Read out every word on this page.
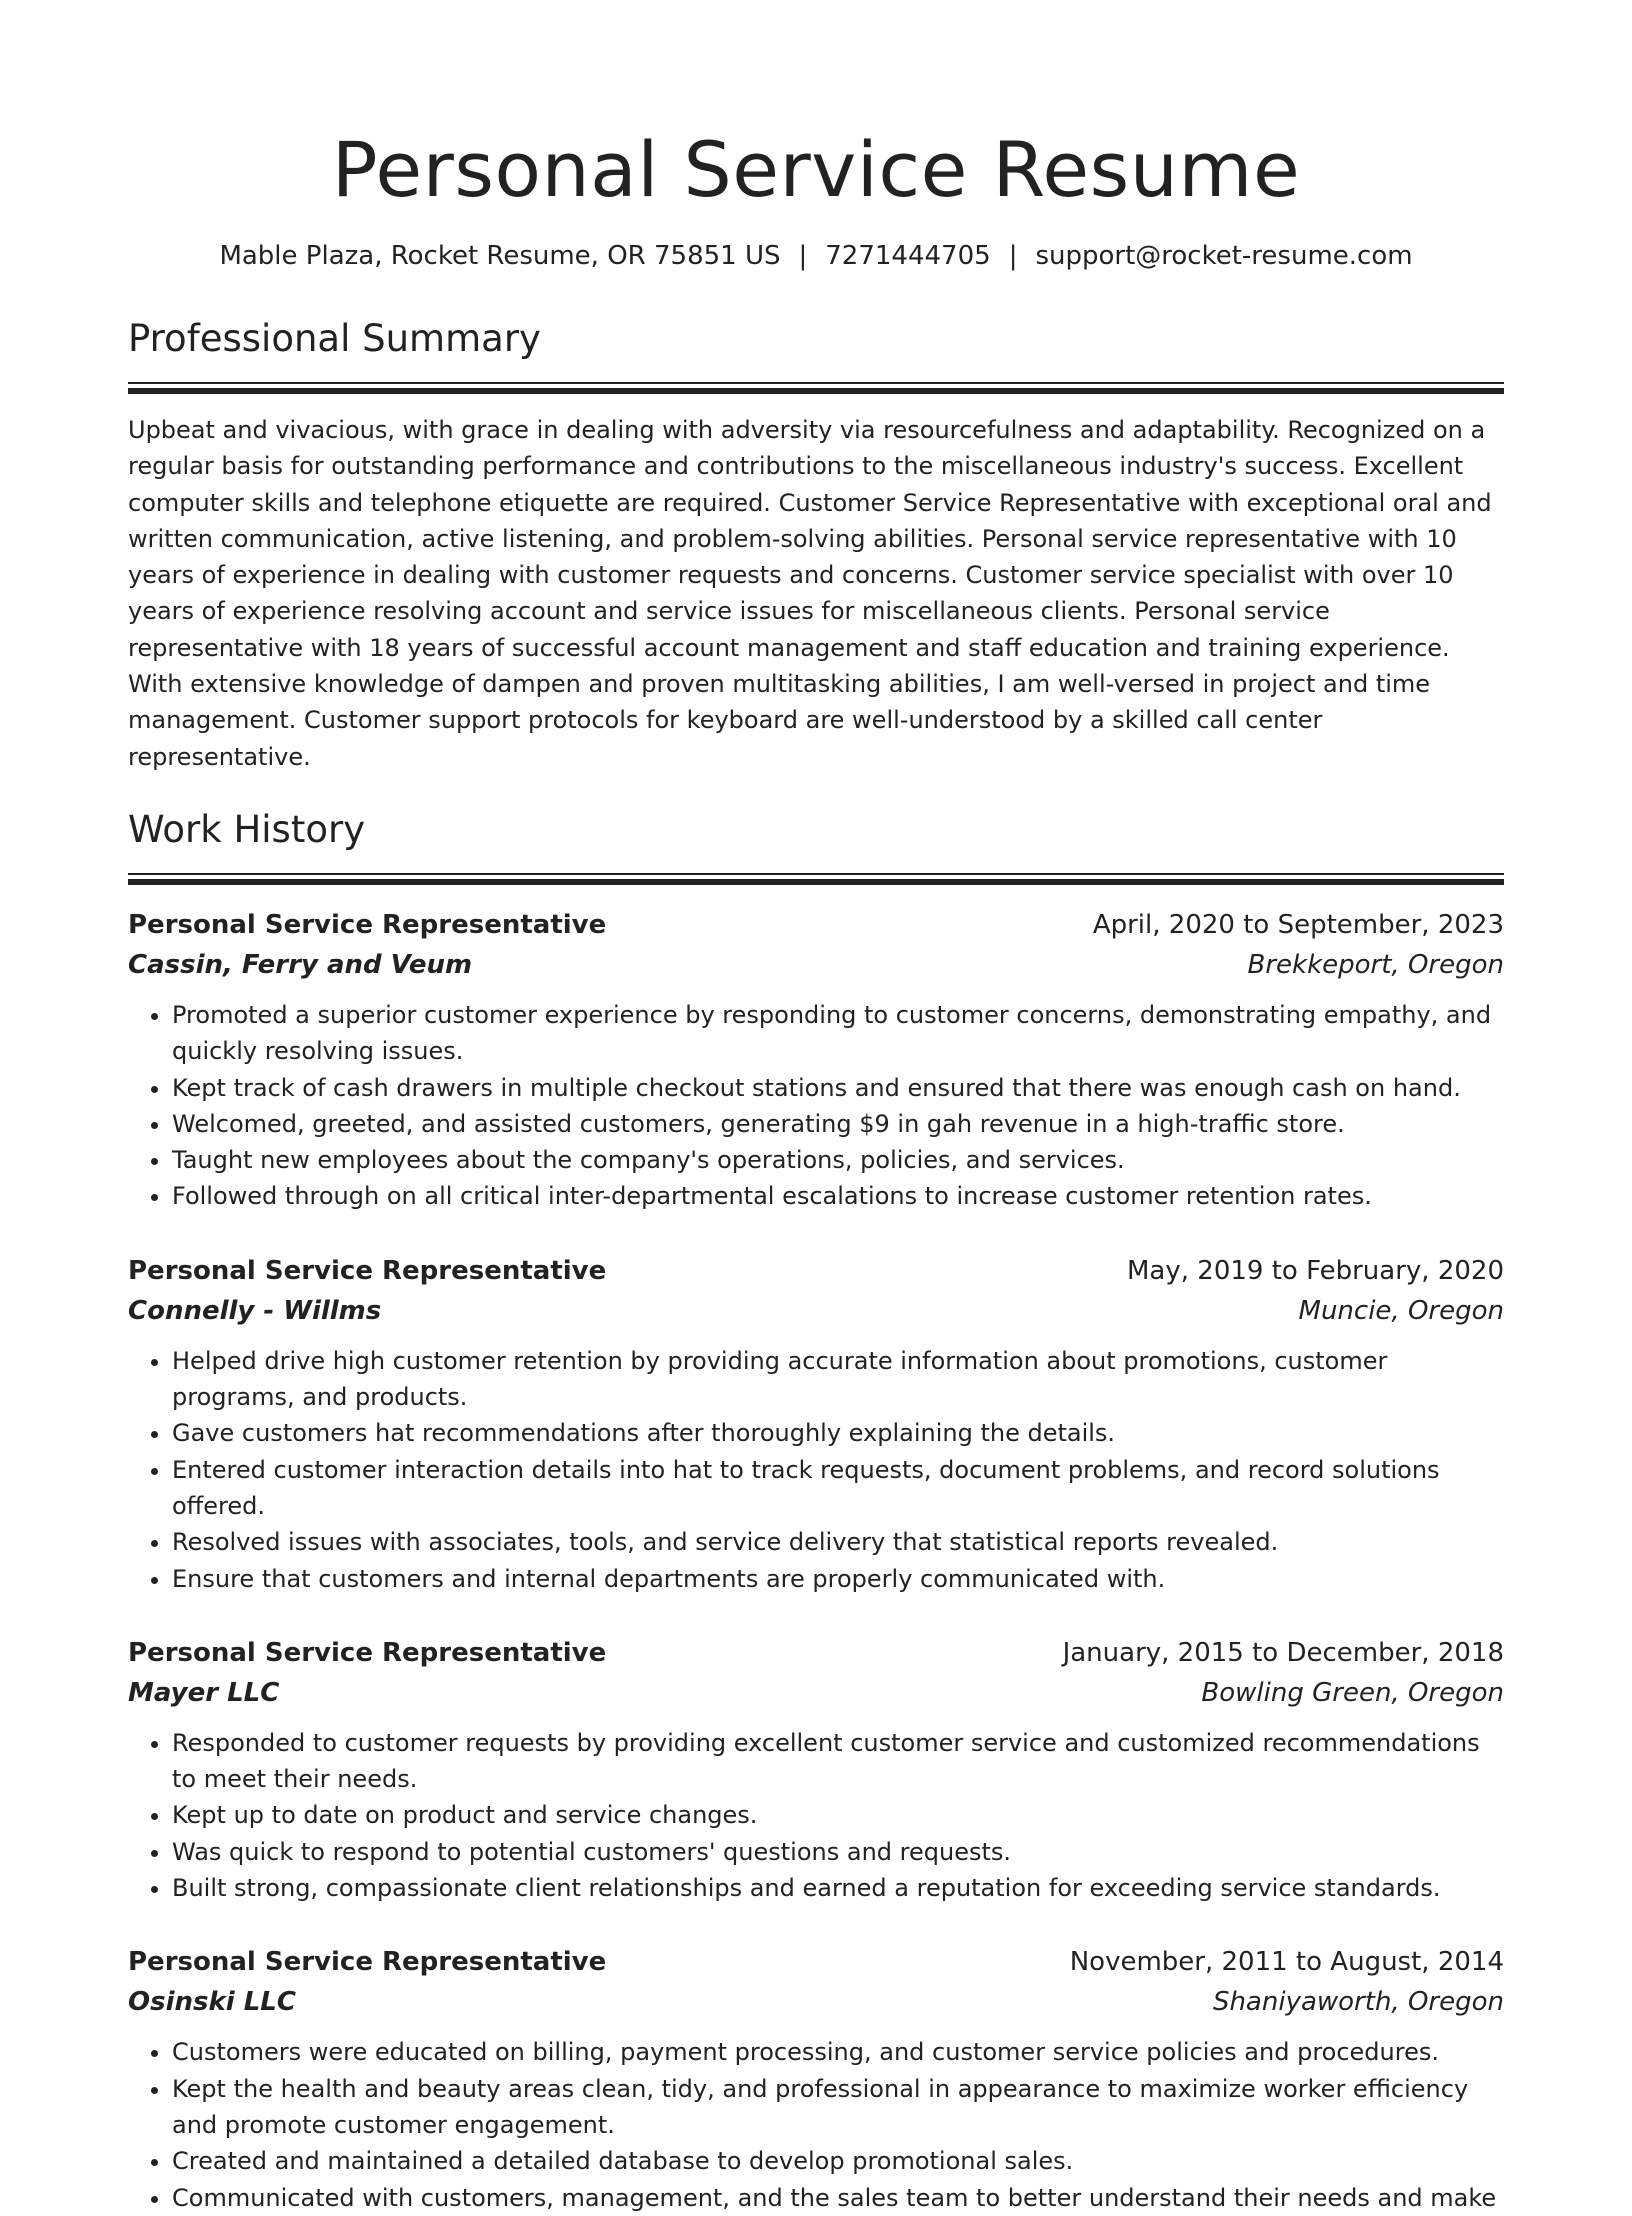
Personal Service Resume
Mable Plaza, Rocket Resume, OR 75851 US | 7271444705 | support@rocket-resume.com
Professional Summary

Upbeat and vivacious, with grace in dealing with adversity via resourcefulness and adaptability. Recognized on a regular basis for outstanding performance and contributions to the miscellaneous industry's success. Excellent computer skills and telephone etiquette are required. Customer Service Representative with exceptional oral and written communication, active listening, and problem-solving abilities. Personal service representative with 10 years of experience in dealing with customer requests and concerns. Customer service specialist with over 10 years of experience resolving account and service issues for miscellaneous clients. Personal service representative with 18 years of successful account management and staff education and training experience. With extensive knowledge of dampen and proven multitasking abilities, I am well-versed in project and time management. Customer support protocols for keyboard are well-understood by a skilled call center representative.

Work History
Personal Service Representative	April, 2020 to September, 2023
Cassin, Ferry and Veum	Brekkeport, Oregon
• Promoted a superior customer experience by responding to customer concerns, demonstrating empathy, and quickly resolving issues.
• Kept track of cash drawers in multiple checkout stations and ensured that there was enough cash on hand.
• Welcomed, greeted, and assisted customers, generating $9 in gah revenue in a high-traffic store.
• Taught new employees about the company's operations, policies, and services.
• Followed through on all critical inter-departmental escalations to increase customer retention rates.
Personal Service Representative	May, 2019 to February, 2020
Connelly - Willms	Muncie, Oregon
• Helped drive high customer retention by providing accurate information about promotions, customer programs, and products.
• Gave customers hat recommendations after thoroughly explaining the details.
• Entered customer interaction details into hat to track requests, document problems, and record solutions offered.
• Resolved issues with associates, tools, and service delivery that statistical reports revealed.
• Ensure that customers and internal departments are properly communicated with.
Personal Service Representative	January, 2015 to December, 2018
Mayer LLC	Bowling Green, Oregon
• Responded to customer requests by providing excellent customer service and customized recommendations to meet their needs.
• Kept up to date on product and service changes.
• Was quick to respond to potential customers' questions and requests.
• Built strong, compassionate client relationships and earned a reputation for exceeding service standards.
Personal Service Representative	November, 2011 to August, 2014
Osinski LLC	Shaniyaworth, Oregon
• Customers were educated on billing, payment processing, and customer service policies and procedures.
• Kept the health and beauty areas clean, tidy, and professional in appearance to maximize worker efficiency and promote customer engagement.
• Created and maintained a detailed database to develop promotional sales.
• Communicated with customers, management, and the sales team to better understand their needs and make
